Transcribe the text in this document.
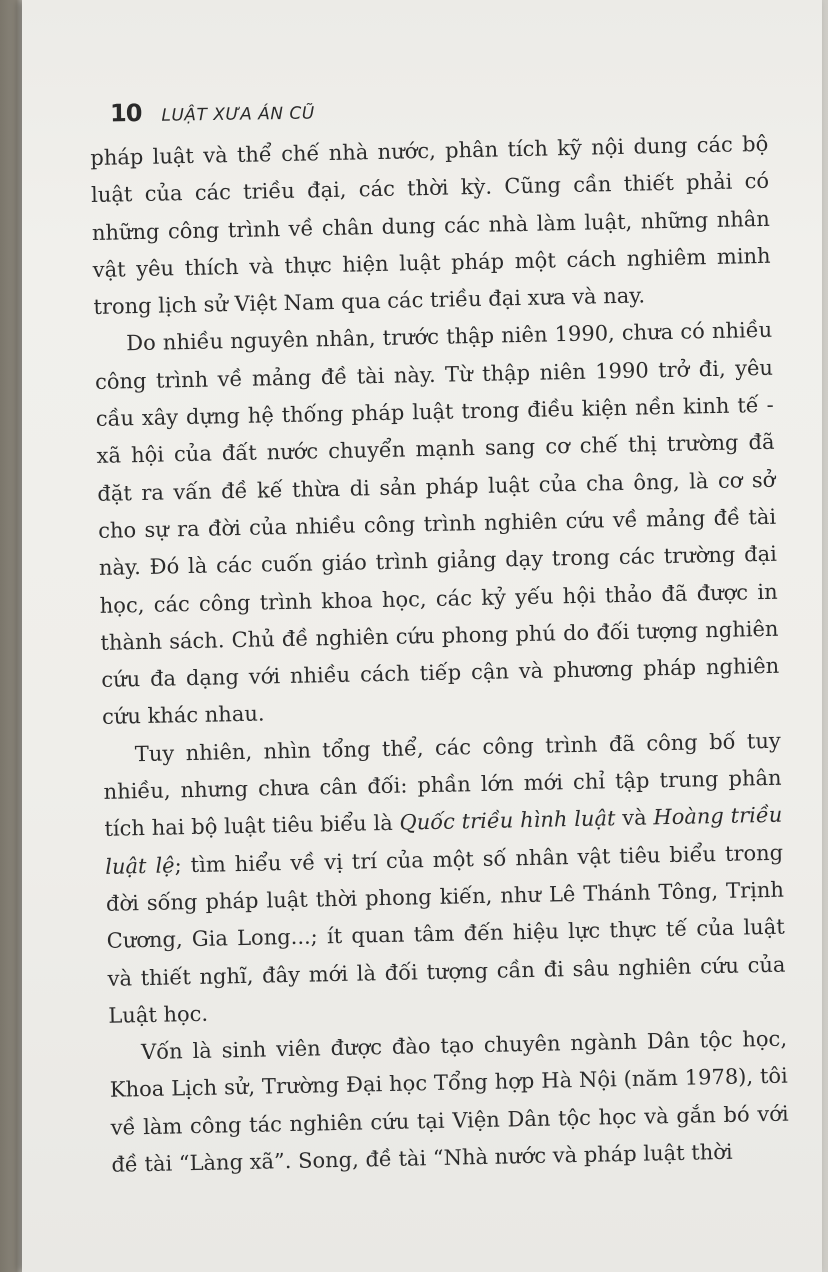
10 LUẬT XƯA ÁN CŨ

pháp luật và thể chế nhà nước, phân tích kỹ nội dung các bộ luật của các triều đại, các thời kỳ. Cũng cần thiết phải có những công trình về chân dung các nhà làm luật, những nhân vật yêu thích và thực hiện luật pháp một cách nghiêm minh trong lịch sử Việt Nam qua các triều đại xưa và nay.

Do nhiều nguyên nhân, trước thập niên 1990, chưa có nhiều công trình về mảng đề tài này. Từ thập niên 1990 trở đi, yêu cầu xây dựng hệ thống pháp luật trong điều kiện nền kinh tế - xã hội của đất nước chuyển mạnh sang cơ chế thị trường đã đặt ra vấn đề kế thừa di sản pháp luật của cha ông, là cơ sở cho sự ra đời của nhiều công trình nghiên cứu về mảng đề tài này. Đó là các cuốn giáo trình giảng dạy trong các trường đại học, các công trình khoa học, các kỷ yếu hội thảo đã được in thành sách. Chủ đề nghiên cứu phong phú do đối tượng nghiên cứu đa dạng với nhiều cách tiếp cận và phương pháp nghiên cứu khác nhau.

Tuy nhiên, nhìn tổng thể, các công trình đã công bố tuy nhiều, nhưng chưa cân đối: phần lớn mới chỉ tập trung phân tích hai bộ luật tiêu biểu là Quốc triều hình luật và Hoàng triều luật lệ; tìm hiểu về vị trí của một số nhân vật tiêu biểu trong đời sống pháp luật thời phong kiến, như Lê Thánh Tông, Trịnh Cương, Gia Long...; ít quan tâm đến hiệu lực thực tế của luật và thiết nghĩ, đây mới là đối tượng cần đi sâu nghiên cứu của Luật học.

Vốn là sinh viên được đào tạo chuyên ngành Dân tộc học, Khoa Lịch sử, Trường Đại học Tổng hợp Hà Nội (năm 1978), tôi về làm công tác nghiên cứu tại Viện Dân tộc học và gắn bó với đề tài “Làng xã”. Song, đề tài “Nhà nước và pháp luật thời
